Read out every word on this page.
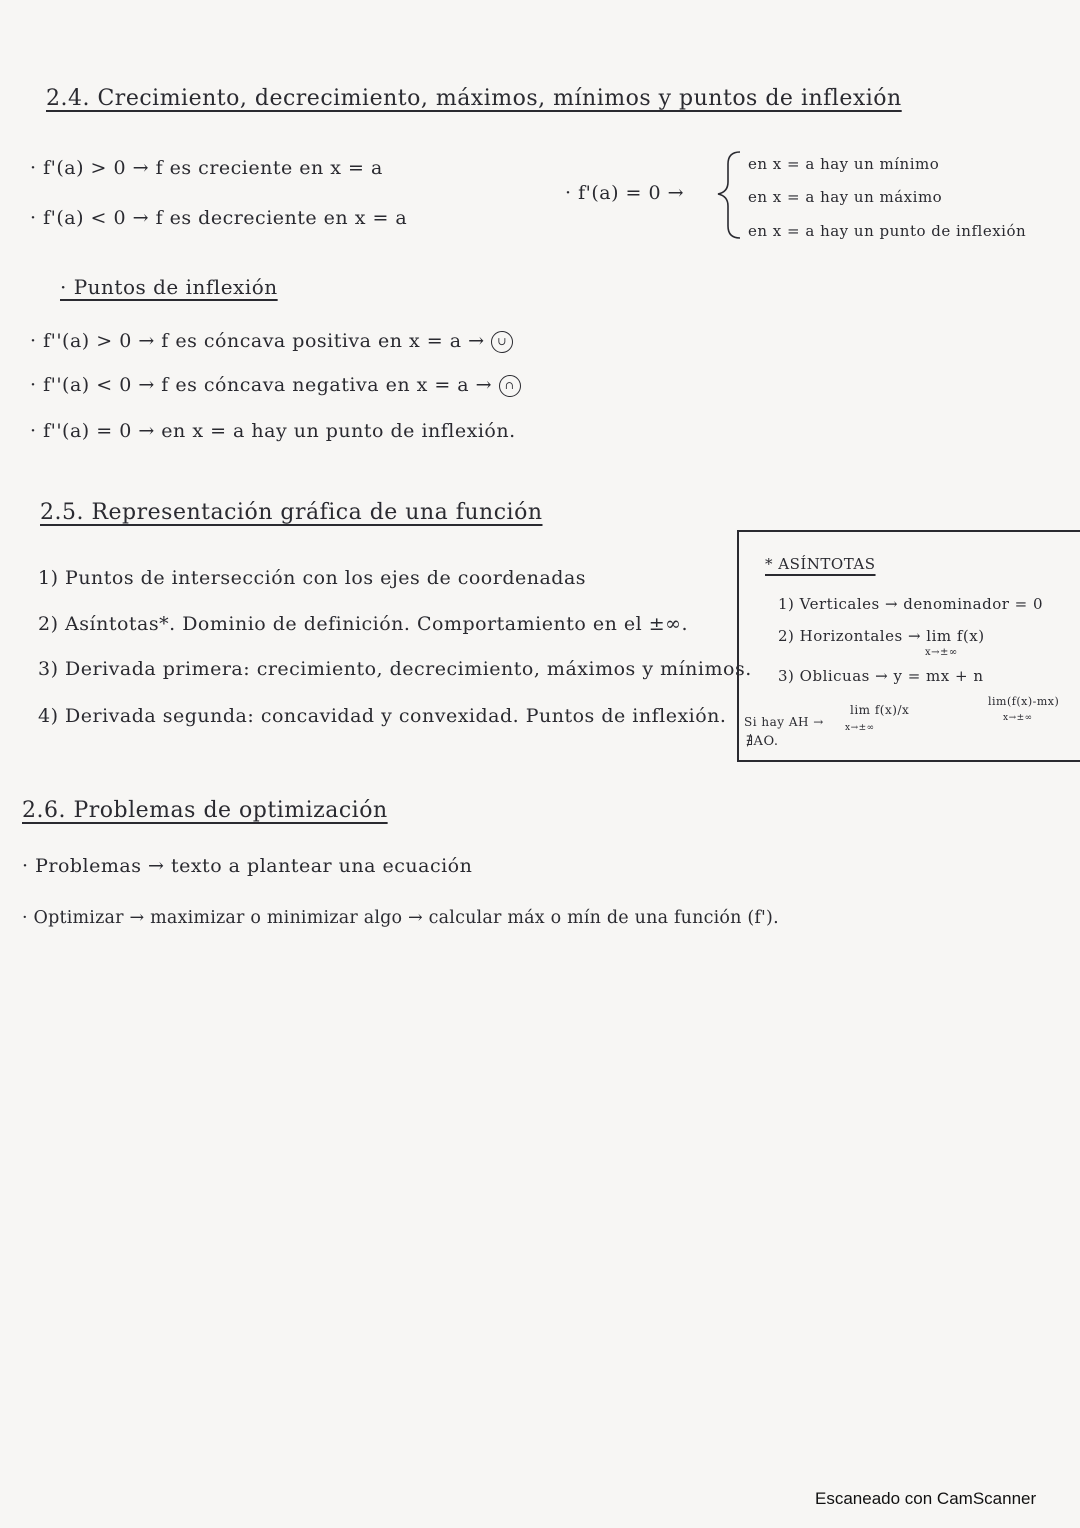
2.4. Crecimiento, decrecimiento, máximos, mínimos y puntos de inflexión
· f'(a) > 0 → f es creciente en x = a
· f'(a) < 0 → f es decreciente en x = a
· f'(a) = 0 →
en x = a hay un mínimo
en x = a hay un máximo
en x = a hay un punto de inflexión
· Puntos de inflexión
· f''(a) > 0 → f es cóncava positiva en x = a → ∪
· f''(a) < 0 → f es cóncava negativa en x = a → ∩
· f''(a) = 0 → en x = a hay un punto de inflexión.
2.5. Representación gráfica de una función
1) Puntos de intersección con los ejes de coordenadas
2) Asíntotas*. Dominio de definición. Comportamiento en el ±∞.
3) Derivada primera: crecimiento, decrecimiento, máximos y mínimos.
4) Derivada segunda: concavidad y convexidad. Puntos de inflexión.
* ASÍNTOTAS
1) Verticales → denominador = 0
2) Horizontales → lim f(x)
x→±∞
3) Oblicuas → y = mx + n
lim f(x)/x
x→±∞
lim(f(x)-mx)
x→±∞
Si hay AH →
∄AO.
2.6. Problemas de optimización
· Problemas → texto a plantear una ecuación
· Optimizar → maximizar o minimizar algo → calcular máx o mín de una función (f').
Escaneado con CamScanner
